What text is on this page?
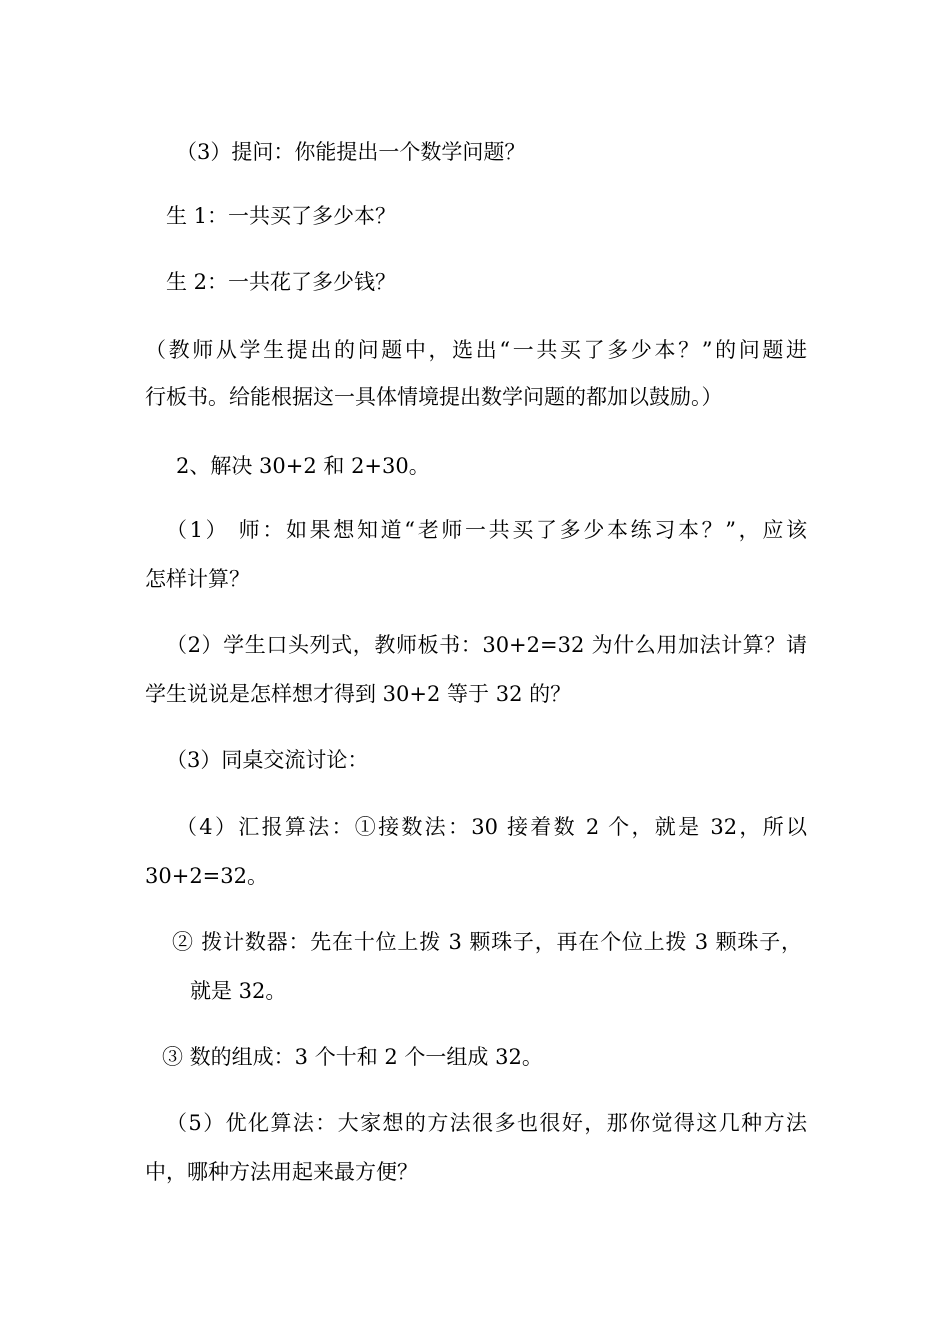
（3）提问：你能提出一个数学问题？
生 1：一共买了多少本？
生 2：一共花了多少钱？
（教师从学生提出的问题中，选出“一共买了多少本？”的问题进
行板书。给能根据这一具体情境提出数学问题的都加以鼓励。）
2、解决 30+2 和 2+30。
（1） 师：如果想知道“老师一共买了多少本练习本？”，应该
怎样计算？
（2）学生口头列式，教师板书：30+2=32 为什么用加法计算？请
学生说说是怎样想才得到 30+2 等于 32 的？
（3）同桌交流讨论：
（4）汇报算法：①接数法：30 接着数 2 个，就是 32，所以
30+2=32。
② 拨计数器：先在十位上拨 3 颗珠子，再在个位上拨 3 颗珠子，
就是 32。
③ 数的组成：3 个十和 2 个一组成 32。
（5）优化算法：大家想的方法很多也很好，那你觉得这几种方法
中，哪种方法用起来最方便？
